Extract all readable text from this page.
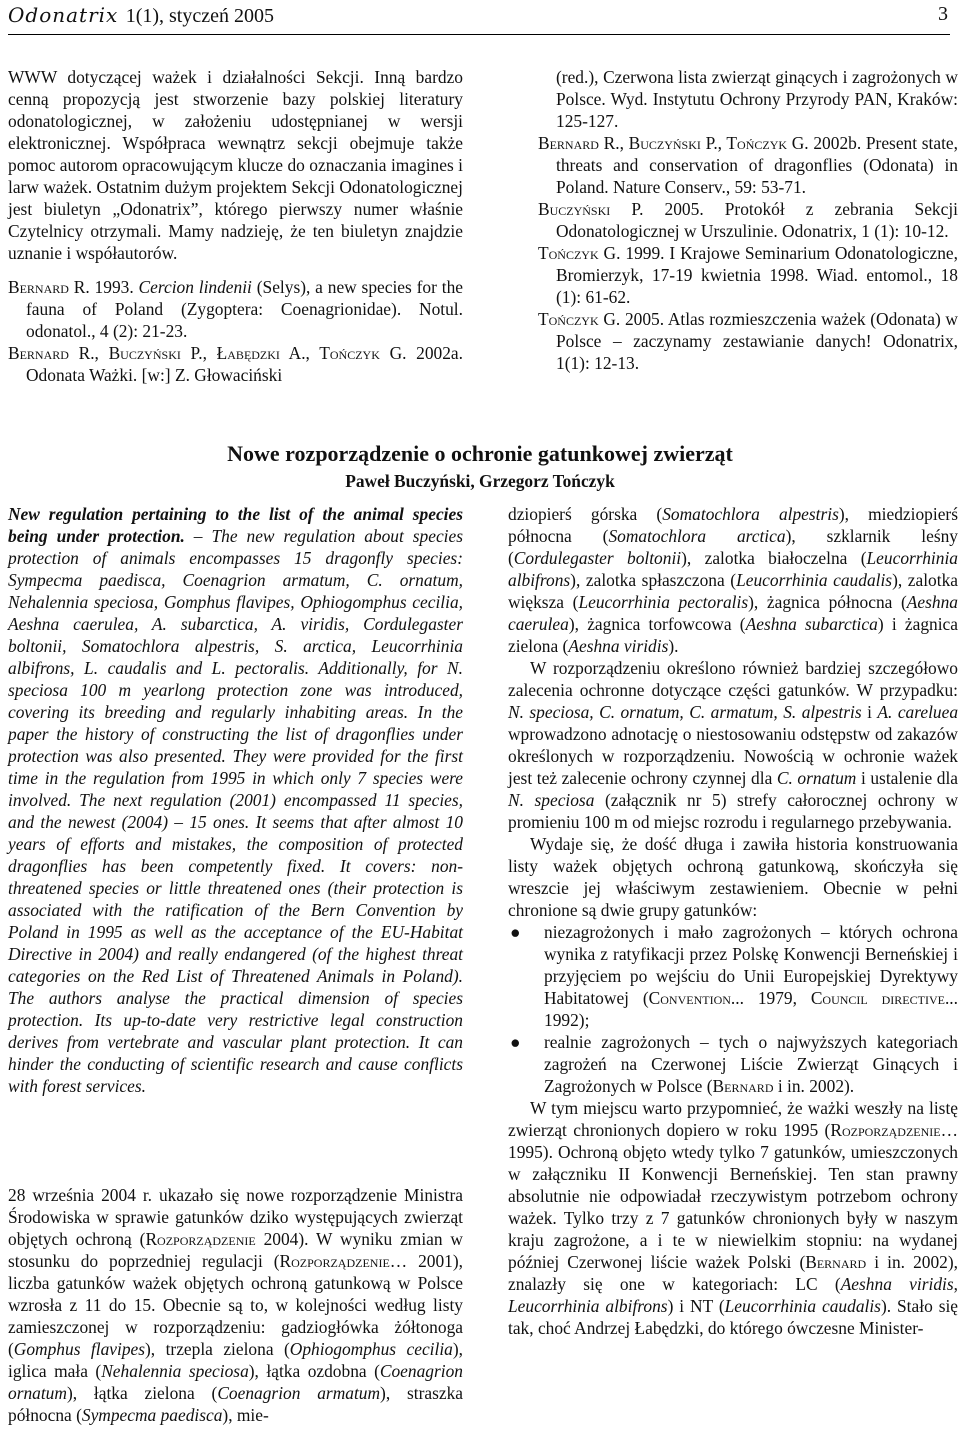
Odonatrix 1(1), styczeń 2005	3

WWW dotyczącej ważek i działalności Sekcji. Inną bardzo cenną propozycją jest stworzenie bazy polskiej literatury odonatologicznej, w założeniu udostępnianej w wersji elektronicznej. Współpraca wewnątrz sekcji obejmuje także pomoc autorom opracowującym klucze do oznaczania imagines i larw ważek. Ostatnim dużym projektem Sekcji Odonatologicznej jest biuletyn „Odonatrix”, którego pierwszy numer właśnie Czytelnicy otrzymali. Mamy nadzieję, że ten biuletyn znajdzie uznanie i współautorów.

Bernard R. 1993. Cercion lindenii (Selys), a new species for the fauna of Poland (Zygoptera: Coenagrionidae). Notul. odonatol., 4 (2): 21-23.

Bernard R., Buczyński P., Łabędzki A., Tończyk G. 2002a. Odonata Ważki. [w:] Z. Głowaciński

(red.), Czerwona lista zwierząt ginących i zagrożonych w Polsce. Wyd. Instytutu Ochrony Przyrody PAN, Kraków: 125-127.

Bernard R., Buczyński P., Tończyk G. 2002b. Present state, threats and conservation of dragonflies (Odonata) in Poland. Nature Conserv., 59: 53-71.

Buczyński P. 2005. Protokół z zebrania Sekcji Odonatologicznej w Urszulinie. Odonatrix, 1 (1): 10-12.

Tończyk G. 1999. I Krajowe Seminarium Odonatologiczne, Bromierzyk, 17-19 kwietnia 1998. Wiad. entomol., 18 (1): 61-62.

Tończyk G. 2005. Atlas rozmieszczenia ważek (Odonata) w Polsce – zaczynamy zestawianie danych! Odonatrix, 1(1): 12-13.

Nowe rozporządzenie o ochronie gatunkowej zwierząt
Paweł Buczyński, Grzegorz Tończyk

New regulation pertaining to the list of the animal species being under protection. – The new regulation about species protection of animals encompasses 15 dragonfly species: Sympecma paedisca, Coenagrion armatum, C. ornatum, Nehalennia speciosa, Gomphus flavipes, Ophiogomphus cecilia, Aeshna caerulea, A. subarctica, A. viridis, Cordulegaster boltonii, Somatochlora alpestris, S. arctica, Leucorrhinia albifrons, L. caudalis and L. pectoralis. Additionally, for N. speciosa 100 m yearlong protection zone was introduced, covering its breeding and regularly inhabiting areas. In the paper the history of constructing the list of dragonflies under protection was also presented. They were provided for the first time in the regulation from 1995 in which only 7 species were involved. The next regulation (2001) encompassed 11 species, and the newest (2004) – 15 ones. It seems that after almost 10 years of efforts and mistakes, the composition of protected dragonflies has been competently fixed. It covers: non-threatened species or little threatened ones (their protection is associated with the ratification of the Bern Convention by Poland in 1995 as well as the acceptance of the EU-Habitat Directive in 2004) and really endangered (of the highest threat categories on the Red List of Threatened Animals in Poland). The authors analyse the practical dimension of species protection. Its up-to-date very restrictive legal construction derives from vertebrate and vascular plant protection. It can hinder the conducting of scientific research and cause conflicts with forest services.

28 września 2004 r. ukazało się nowe rozporządzenie Ministra Środowiska w sprawie gatunków dziko występujących zwierząt objętych ochroną (Rozporządzenie 2004). W wyniku zmian w stosunku do poprzedniej regulacji (Rozporządzenie… 2001), liczba gatunków ważek objętych ochroną gatunkową w Polsce wzrosła z 11 do 15. Obecnie są to, w kolejności według listy zamieszczonej w rozporządzeniu: gadziogłówka żółtonoga (Gomphus flavipes), trzepla zielona (Ophiogomphus cecilia), iglica mała (Nehalennia speciosa), łątka ozdobna (Coenagrion ornatum), łątka zielona (Coenagrion armatum), straszka północna (Sympecma paedisca), mie-

dziopierś górska (Somatochlora alpestris), miedziopierś północna (Somatochlora arctica), szklarnik leśny (Cordulegaster boltonii), zalotka białoczelna (Leucorrhinia albifrons), zalotka spłaszczona (Leucorrhinia caudalis), zalotka większa (Leucorrhinia pectoralis), żagnica północna (Aeshna caerulea), żagnica torfowcowa (Aeshna subarctica) i żagnica zielona (Aeshna viridis).

W rozporządzeniu określono również bardziej szczegółowo zalecenia ochronne dotyczące części gatunków. W przypadku: N. speciosa, C. ornatum, C. armatum, S. alpestris i A. careluea wprowadzono adnotację o niestosowaniu odstępstw od zakazów określonych w rozporządzeniu. Nowością w ochronie ważek jest też zalecenie ochrony czynnej dla C. ornatum i ustalenie dla N. speciosa (załącznik nr 5) strefy całorocznej ochrony w promieniu 100 m od miejsc rozrodu i regularnego przebywania.

Wydaje się, że dość długa i zawiła historia konstruowania listy ważek objętych ochroną gatunkową, skończyła się wreszcie jej właściwym zestawieniem. Obecnie w pełni chronione są dwie grupy gatunków:

● niezagrożonych i mało zagrożonych – których ochrona wynika z ratyfikacji przez Polskę Konwencji Berneńskiej i przyjęciem po wejściu do Unii Europejskiej Dyrektywy Habitatowej (Convention... 1979, Council directive... 1992);
● realnie zagrożonych – tych o najwyższych kategoriach zagrożeń na Czerwonej Liście Zwierząt Ginących i Zagrożonych w Polsce (Bernard i in. 2002).

W tym miejscu warto przypomnieć, że ważki weszły na listę zwierząt chronionych dopiero w roku 1995 (Rozporządzenie… 1995). Ochroną objęto wtedy tylko 7 gatunków, umieszczonych w załączniku II Konwencji Berneńskiej. Ten stan prawny absolutnie nie odpowiadał rzeczywistym potrzebom ochrony ważek. Tylko trzy z 7 gatunków chronionych były w naszym kraju zagrożone, a i te w niewielkim stopniu: na wydanej później Czerwonej liście ważek Polski (Bernard i in. 2002), znalazły się one w kategoriach: LC (Aeshna viridis, Leucorrhinia albifrons) i NT (Leucorrhinia caudalis). Stało się tak, choć Andrzej Łabędzki, do którego ówczesne Minister-
